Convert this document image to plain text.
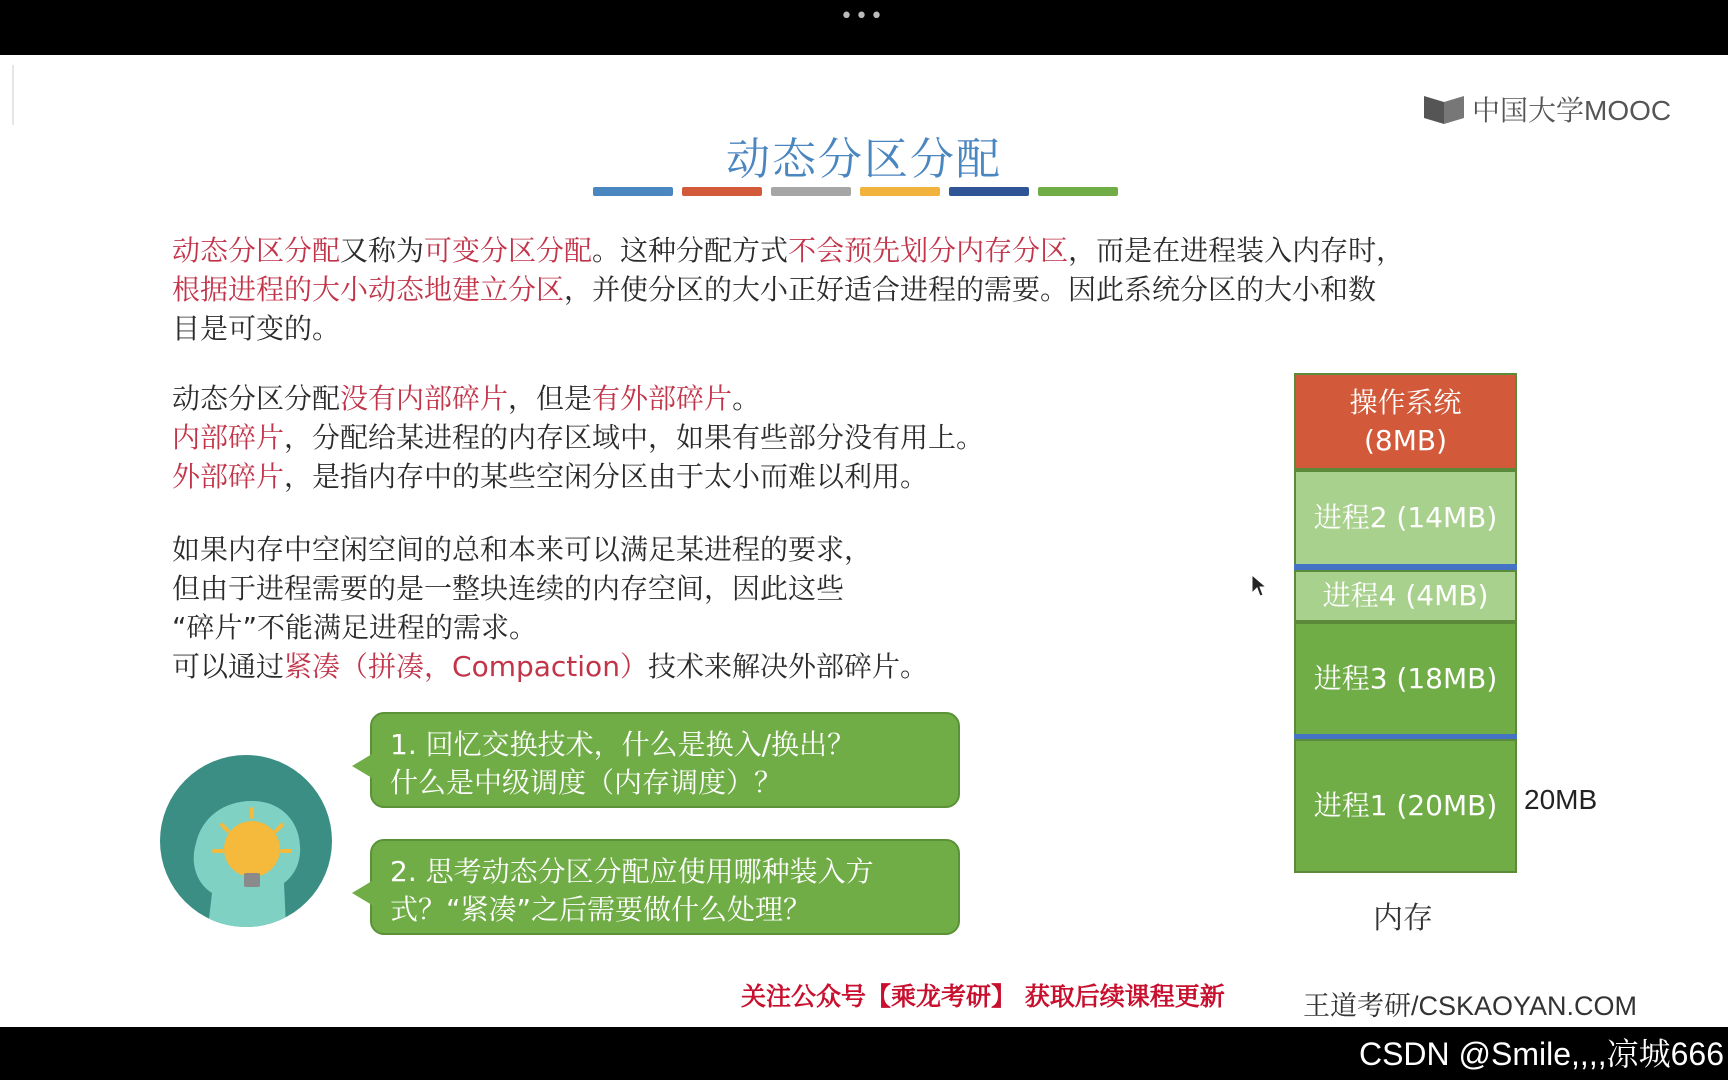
•••
中国大学MOOC
动态分区分配
动态分区分配又称为可变分区分配。这种分配方式不会预先划分内存分区，而是在进程装入内存时，
根据进程的大小动态地建立分区，并使分区的大小正好适合进程的需要。因此系统分区的大小和数
目是可变的。
动态分区分配没有内部碎片，但是有外部碎片。
内部碎片，分配给某进程的内存区域中，如果有些部分没有用上。
外部碎片，是指内存中的某些空闲分区由于太小而难以利用。
如果内存中空闲空间的总和本来可以满足某进程的要求，
但由于进程需要的是一整块连续的内存空间，因此这些
“碎片”不能满足进程的需求。
可以通过紧凑（拼凑，Compaction）技术来解决外部碎片。
1. 回忆交换技术，什么是换入/换出？
什么是中级调度（内存调度）？
2. 思考动态分区分配应使用哪种装入方
式？“紧凑”之后需要做什么处理？
操作系统
(8MB)
进程2 (14MB)
进程4 (4MB)
进程3 (18MB)
进程1 (20MB) 20MB
内存
关注公众号【乘龙考研】 获取后续课程更新	王道考研/CSKAOYAN.COM
CSDN @Smile,,,,凉城666
